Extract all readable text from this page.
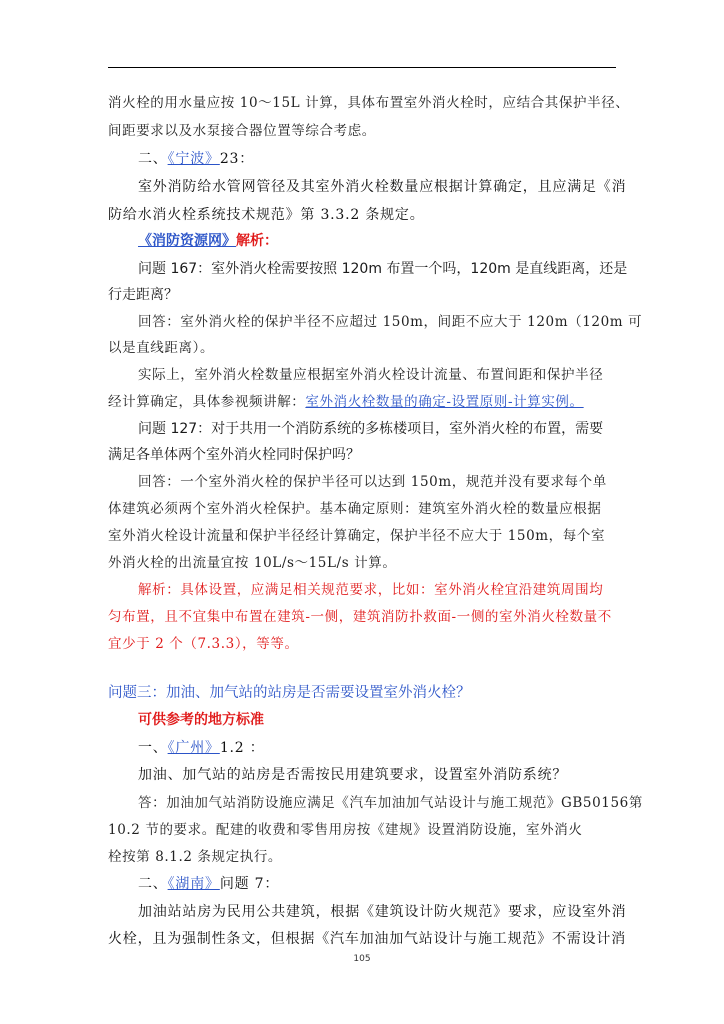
消火栓的用水量应按 10～15L 计算，具体布置室外消火栓时，应结合其保护半径、
间距要求以及水泵接合器位置等综合考虑。
二、《宁波》23：
室外消防给水管网管径及其室外消火栓数量应根据计算确定，且应满足《消
防给水消火栓系统技术规范》第 3.3.2 条规定。
《消防资源网》解析：
问题 167：室外消火栓需要按照 120m 布置一个吗，120m 是直线距离，还是
行走距离？
回答：室外消火栓的保护半径不应超过 150m，间距不应大于 120m（120m 可
以是直线距离）。
实际上，室外消火栓数量应根据室外消火栓设计流量、布置间距和保护半径
经计算确定，具体参视频讲解：室外消火栓数量的确定-设置原则-计算实例。
问题 127：对于共用一个消防系统的多栋楼项目，室外消火栓的布置，需要
满足各单体两个室外消火栓同时保护吗？
回答：一个室外消火栓的保护半径可以达到 150m，规范并没有要求每个单
体建筑必须两个室外消火栓保护。基本确定原则：建筑室外消火栓的数量应根据
室外消火栓设计流量和保护半径经计算确定，保护半径不应大于 150m，每个室
外消火栓的出流量宜按 10L/s～15L/s 计算。
解析：具体设置，应满足相关规范要求，比如：室外消火栓宜沿建筑周围均
匀布置，且不宜集中布置在建筑-一侧，建筑消防扑救面-一侧的室外消火栓数量不
宜少于 2 个（7.3.3），等等。
问题三：加油、加气站的站房是否需要设置室外消火栓？
可供参考的地方标准
一、《广州》1.2 ：
加油、加气站的站房是否需按民用建筑要求，设置室外消防系统？
答：加油加气站消防设施应满足《汽车加油加气站设计与施工规范》GB50156第
10.2 节的要求。配建的收费和零售用房按《建规》设置消防设施，室外消火
栓按第 8.1.2 条规定执行。
二、《湖南》问题 7：
加油站站房为民用公共建筑，根据《建筑设计防火规范》要求，应设室外消
火栓，且为强制性条文，但根据《汽车加油加气站设计与施工规范》不需设计消
105
